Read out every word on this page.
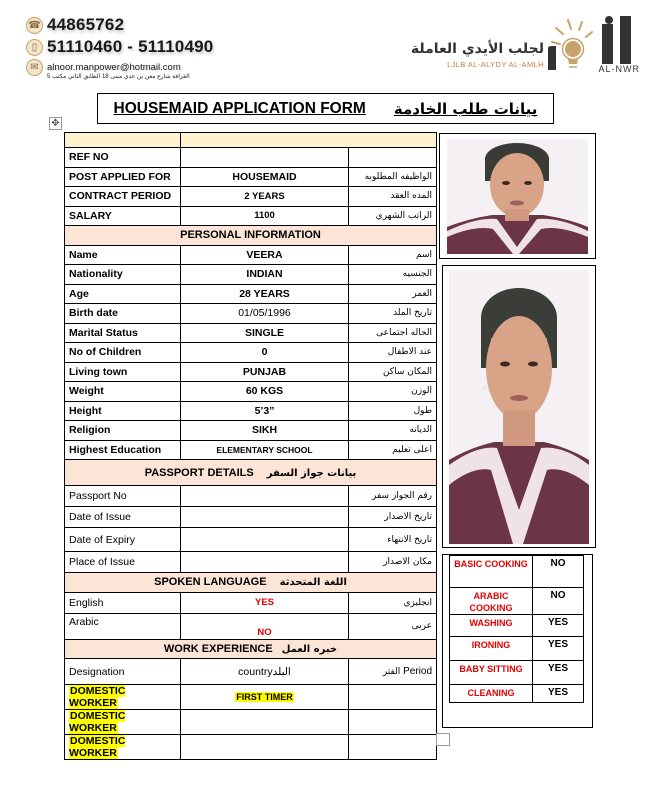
☎ 44865762
▯ 51110460 - 51110490
✉ alnoor.manpower@hotmail.com
الغرافة شارع معن بن عدي مبنى 18 الطابق الثاني مكتب 5
لجلب الأيدي العاملة
LJLB AL-ALYDY AL-AMLH	AL-NWR
HOUSEMAID APPLICATION FORM بيانات طلب الخادمة
✥

REF NO		
POST APPLIED FOR	HOUSEMAID	الواظيفه المطلوبه
CONTRACT PERIOD	2 YEARS	المده العقد
SALARY	1100	الراتب الشهري
PERSONAL INFORMATION		
Name	VEERA	اسم
Nationality	INDIAN	الجنسيه
Age	28 YEARS	العمر
Birth date	01/05/1996	تاريخ الملد
Marital Status	SINGLE	الحاله اجتماعى
No of Children	0	عند الاطفال
Living town	PUNJAB	المكان ساكن
Weight	60 KGS	الوزن
Height	5’3”	طول
Religion	SIKH	الديانه
Highest Education	ELEMENTARY SCHOOL	اعلى تعليم
PASSPORT DETAILS بيانات جواز السفر		
Passport No		رقم الجواز سفر
Date of Issue		تاريخ الاصدار
Date of Expiry		تاريخ الانتهاء
Place of Issue		مكان الاصدار
SPOKEN LANGUAGE اللغة المتحدثة		
English	YES	انجليزي
Arabic	NO	عربى
WORK EXPERIENCE خبره العمل		
Designation	countryالبلد	الفتر Period
DOMESTIC WORKER	FIRST TIMER	
DOMESTIC WORKER		
DOMESTIC WORKER		
BASIC COOKING	NO
ARABIC COOKING	NO
WASHING	YES
IRONING	YES
BABY SITTING	YES
CLEANING	YES
